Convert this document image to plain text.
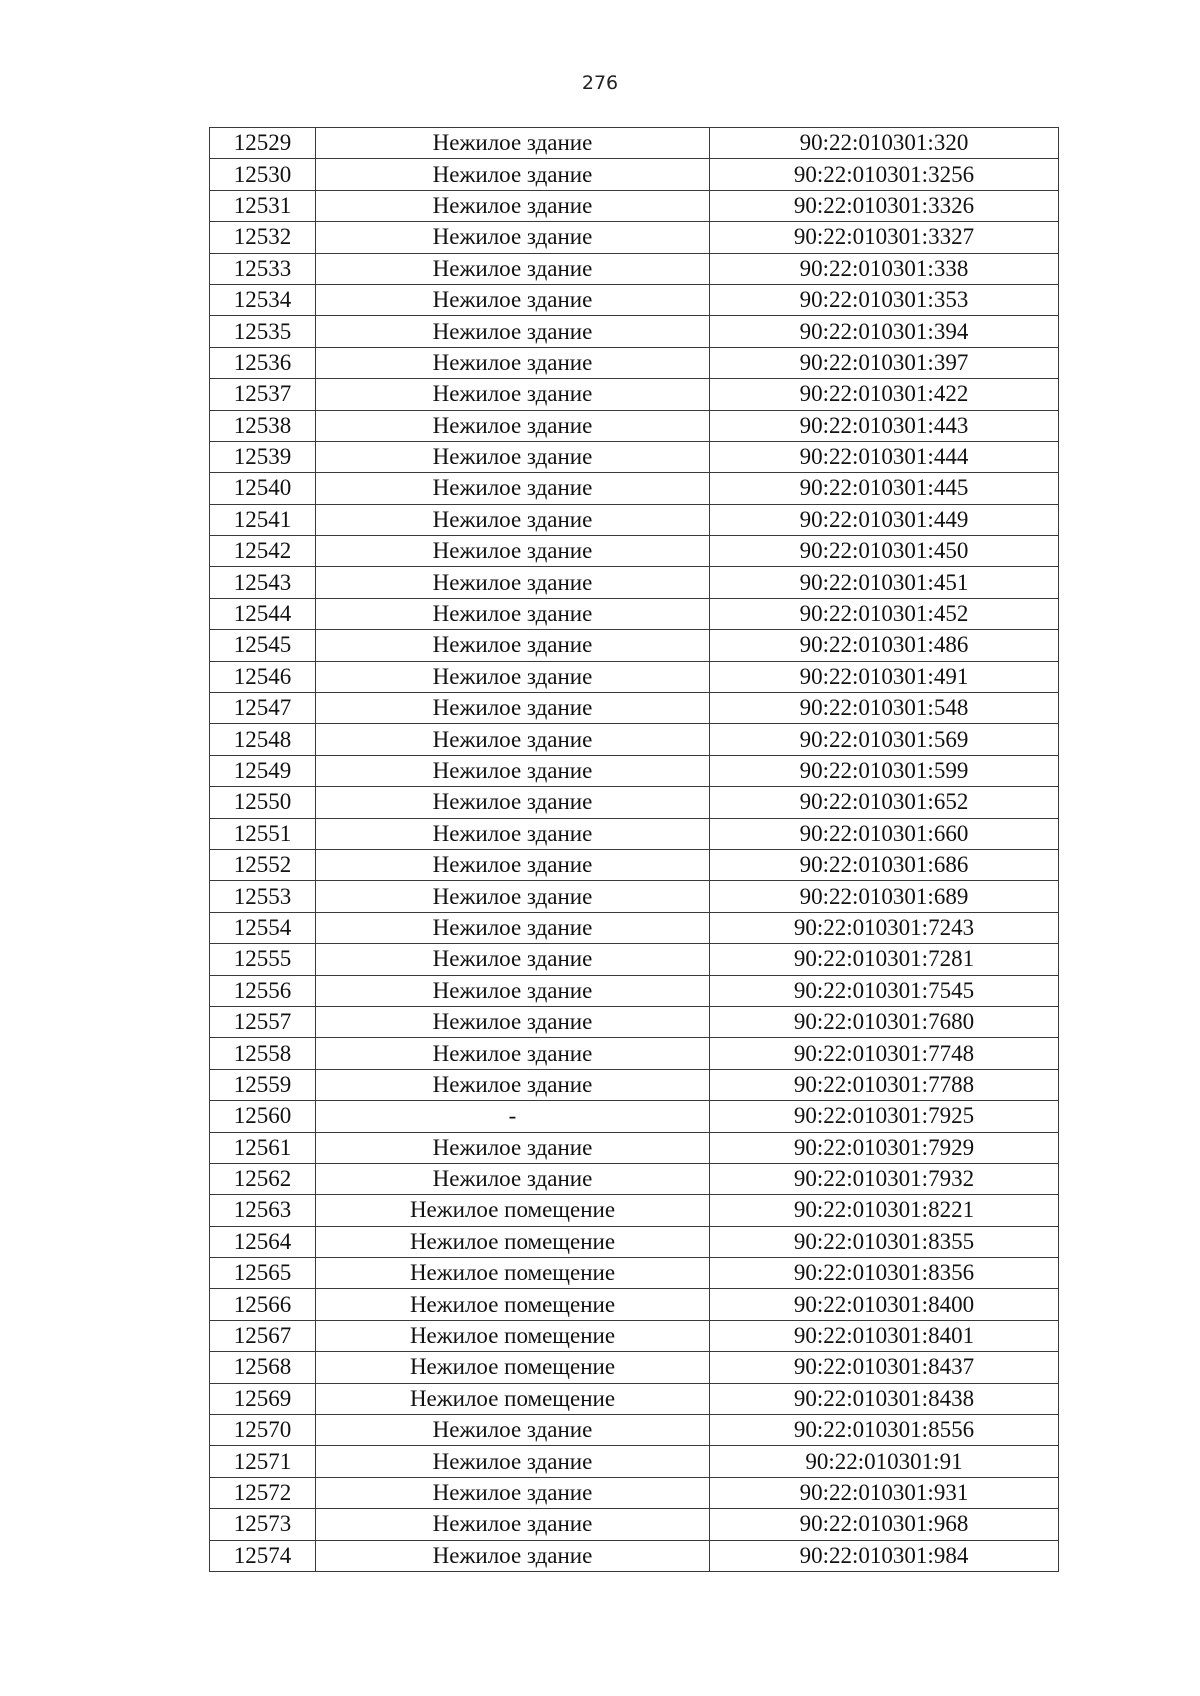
276
12529	Нежилое здание	90:22:010301:320
12530	Нежилое здание	90:22:010301:3256
12531	Нежилое здание	90:22:010301:3326
12532	Нежилое здание	90:22:010301:3327
12533	Нежилое здание	90:22:010301:338
12534	Нежилое здание	90:22:010301:353
12535	Нежилое здание	90:22:010301:394
12536	Нежилое здание	90:22:010301:397
12537	Нежилое здание	90:22:010301:422
12538	Нежилое здание	90:22:010301:443
12539	Нежилое здание	90:22:010301:444
12540	Нежилое здание	90:22:010301:445
12541	Нежилое здание	90:22:010301:449
12542	Нежилое здание	90:22:010301:450
12543	Нежилое здание	90:22:010301:451
12544	Нежилое здание	90:22:010301:452
12545	Нежилое здание	90:22:010301:486
12546	Нежилое здание	90:22:010301:491
12547	Нежилое здание	90:22:010301:548
12548	Нежилое здание	90:22:010301:569
12549	Нежилое здание	90:22:010301:599
12550	Нежилое здание	90:22:010301:652
12551	Нежилое здание	90:22:010301:660
12552	Нежилое здание	90:22:010301:686
12553	Нежилое здание	90:22:010301:689
12554	Нежилое здание	90:22:010301:7243
12555	Нежилое здание	90:22:010301:7281
12556	Нежилое здание	90:22:010301:7545
12557	Нежилое здание	90:22:010301:7680
12558	Нежилое здание	90:22:010301:7748
12559	Нежилое здание	90:22:010301:7788
12560	-	90:22:010301:7925
12561	Нежилое здание	90:22:010301:7929
12562	Нежилое здание	90:22:010301:7932
12563	Нежилое помещение	90:22:010301:8221
12564	Нежилое помещение	90:22:010301:8355
12565	Нежилое помещение	90:22:010301:8356
12566	Нежилое помещение	90:22:010301:8400
12567	Нежилое помещение	90:22:010301:8401
12568	Нежилое помещение	90:22:010301:8437
12569	Нежилое помещение	90:22:010301:8438
12570	Нежилое здание	90:22:010301:8556
12571	Нежилое здание	90:22:010301:91
12572	Нежилое здание	90:22:010301:931
12573	Нежилое здание	90:22:010301:968
12574	Нежилое здание	90:22:010301:984
